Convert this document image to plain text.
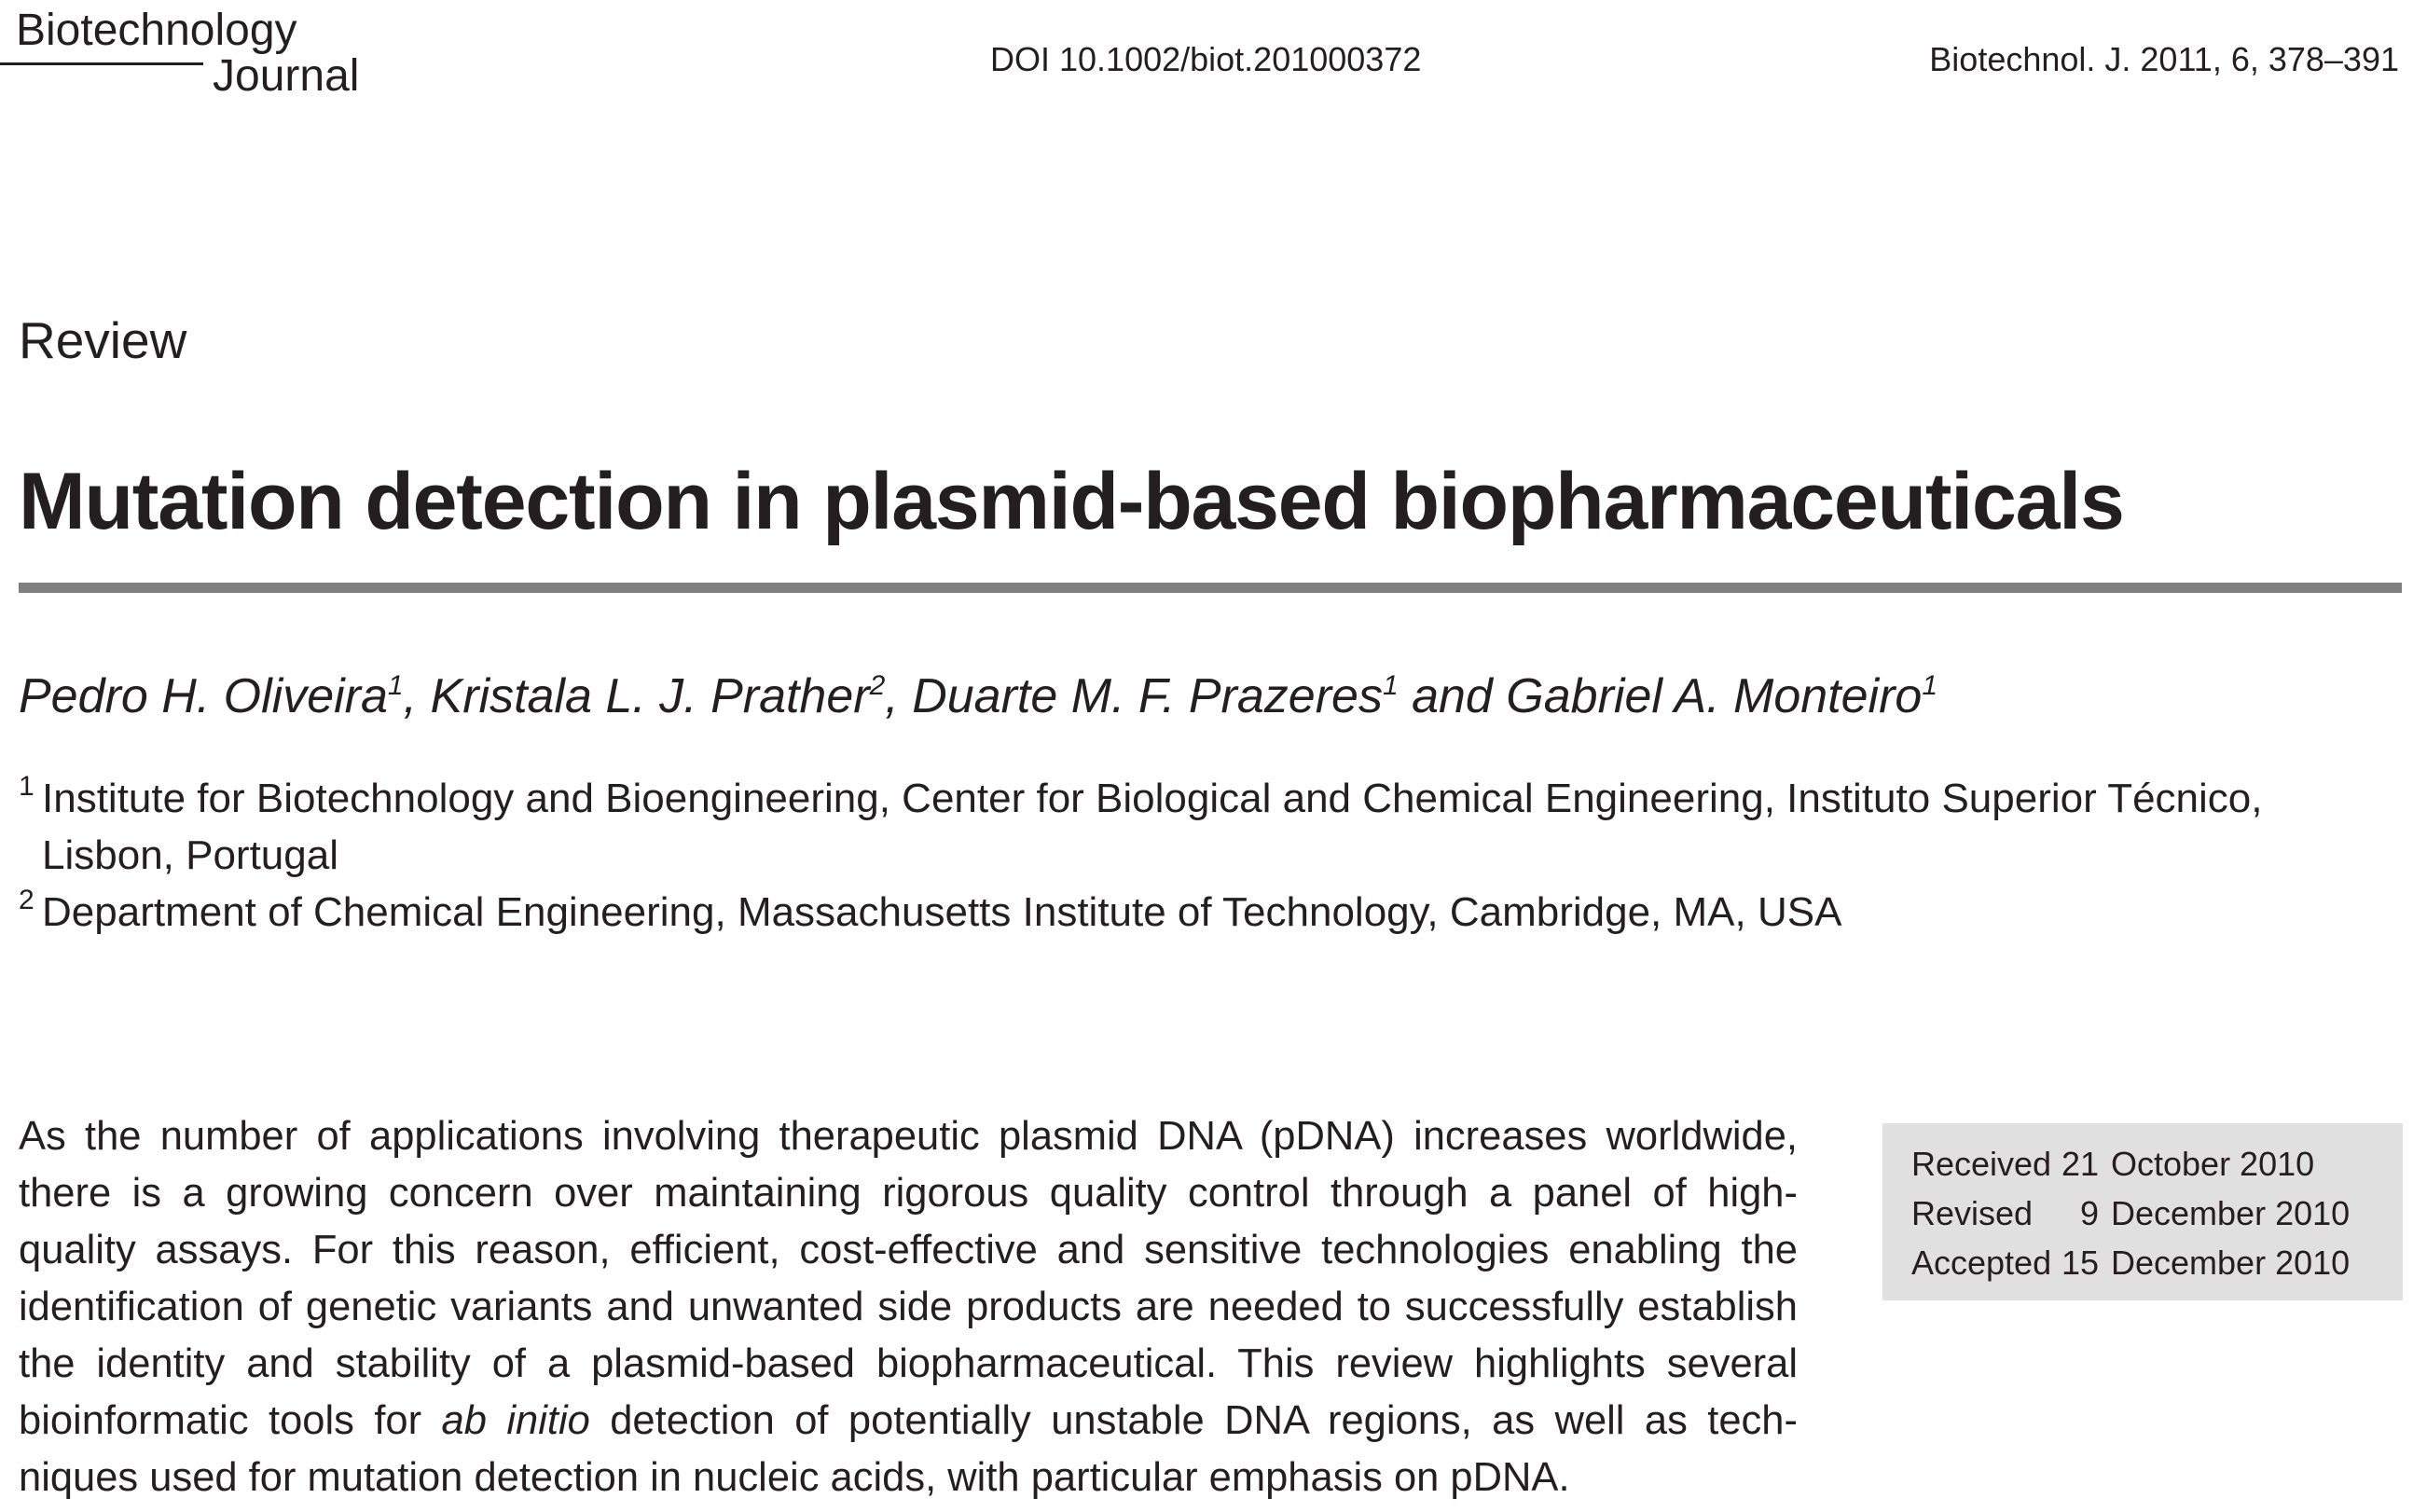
Biotechnology
Journal	DOI 10.1002/biot.201000372	Biotechnol. J. 2011, 6, 378–391
Review
Mutation detection in plasmid-based biopharmaceuticals
Pedro H. Oliveira$^1$, Kristala L. J. Prather$^2$, Duarte M. F. Prazeres$^1$ and Gabriel A. Monteiro$^1$
1 Institute for Biotechnology and Bioengineering, Center for Biological and Chemical Engineering, Instituto Superior Técnico,
Lisbon, Portugal
2 Department of Chemical Engineering, Massachusetts Institute of Technology, Cambridge, MA, USA
As the number of applications involving therapeutic plasmid DNA (pDNA) increases worldwide,
there is a growing concern over maintaining rigorous quality control through a panel of high-
quality assays. For this reason, efficient, cost-effective and sensitive technologies enabling the
identification of genetic variants and unwanted side products are needed to successfully establish
the identity and stability of a plasmid-based biopharmaceutical. This review highlights several
bioinformatic tools for ab initio detection of potentially unstable DNA regions, as well as tech-
niques used for mutation detection in nucleic acids, with particular emphasis on pDNA.
Received 21 October 2010
Revised	9 December 2010
Accepted 15 December 2010
